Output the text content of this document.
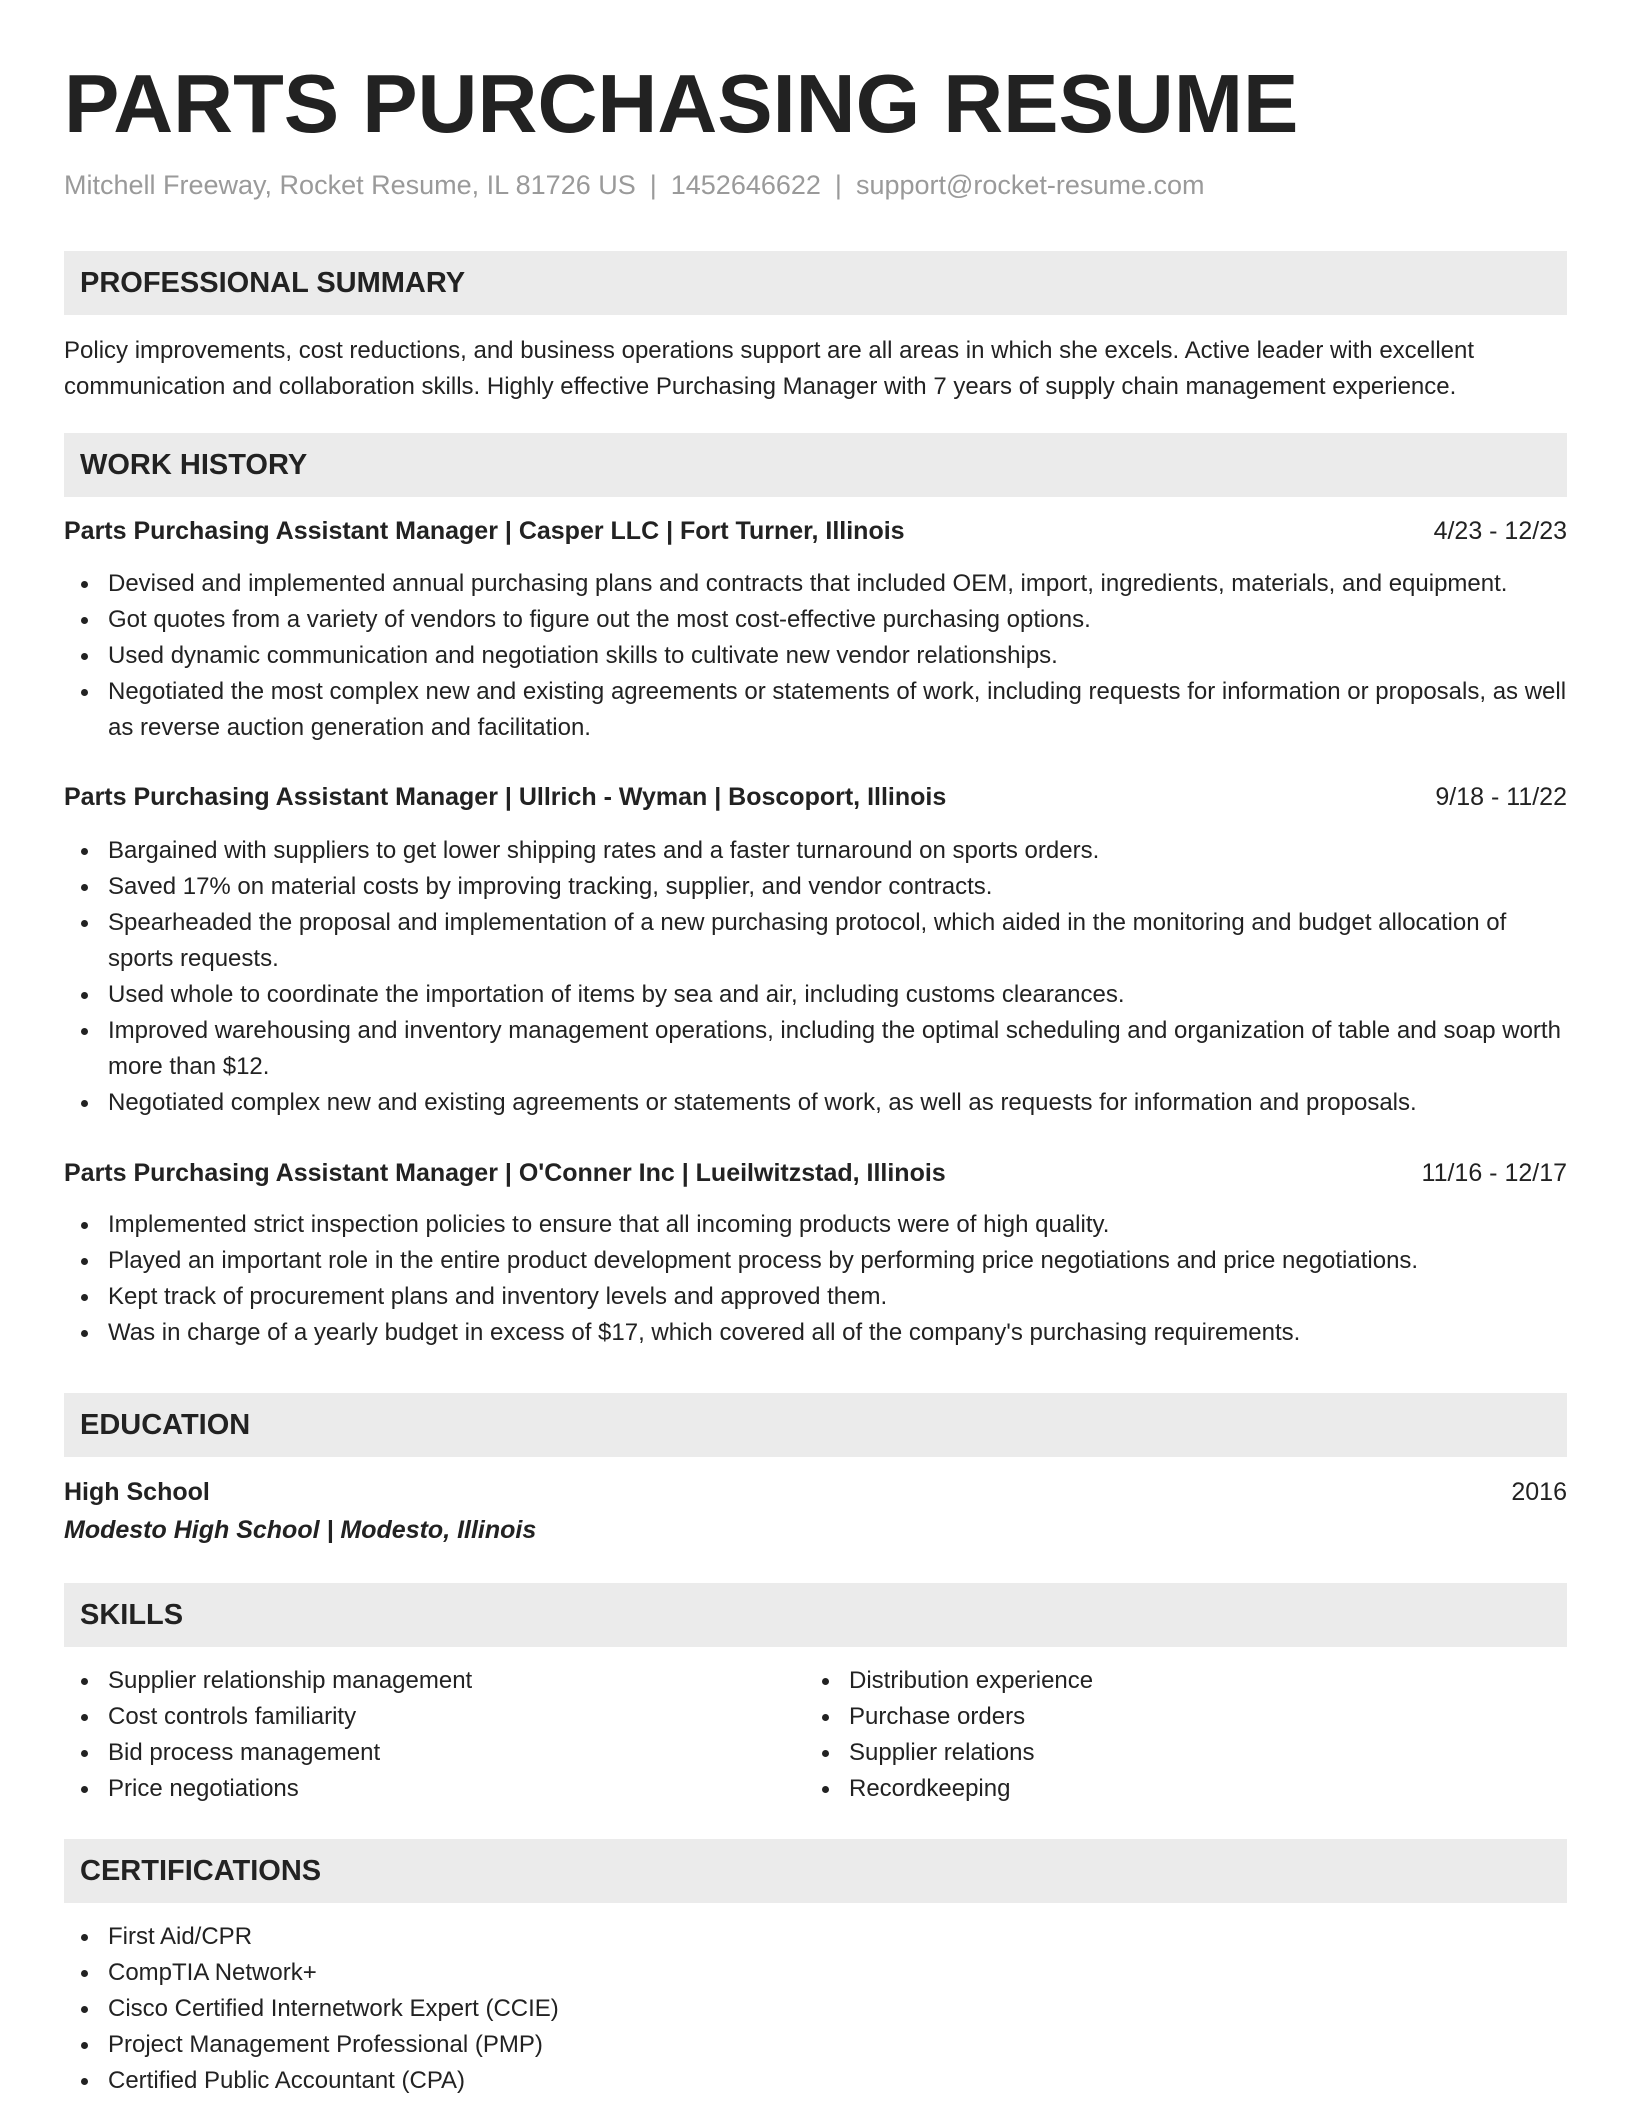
PARTS PURCHASING RESUME
Mitchell Freeway, Rocket Resume, IL 81726 US | 1452646622 | support@rocket-resume.com
PROFESSIONAL SUMMARY
Policy improvements, cost reductions, and business operations support are all areas in which she excels. Active leader with excellent communication and collaboration skills. Highly effective Purchasing Manager with 7 years of supply chain management experience.
WORK HISTORY
Parts Purchasing Assistant Manager | Casper LLC | Fort Turner, Illinois	4/23 - 12/23
Devised and implemented annual purchasing plans and contracts that included OEM, import, ingredients, materials, and equipment.
Got quotes from a variety of vendors to figure out the most cost-effective purchasing options.
Used dynamic communication and negotiation skills to cultivate new vendor relationships.
Negotiated the most complex new and existing agreements or statements of work, including requests for information or proposals, as well as reverse auction generation and facilitation.
Parts Purchasing Assistant Manager | Ullrich - Wyman | Boscoport, Illinois	9/18 - 11/22
Bargained with suppliers to get lower shipping rates and a faster turnaround on sports orders.
Saved 17% on material costs by improving tracking, supplier, and vendor contracts.
Spearheaded the proposal and implementation of a new purchasing protocol, which aided in the monitoring and budget allocation of sports requests.
Used whole to coordinate the importation of items by sea and air, including customs clearances.
Improved warehousing and inventory management operations, including the optimal scheduling and organization of table and soap worth more than $12.
Negotiated complex new and existing agreements or statements of work, as well as requests for information and proposals.
Parts Purchasing Assistant Manager | O'Conner Inc | Lueilwitzstad, Illinois	11/16 - 12/17
Implemented strict inspection policies to ensure that all incoming products were of high quality.
Played an important role in the entire product development process by performing price negotiations and price negotiations.
Kept track of procurement plans and inventory levels and approved them.
Was in charge of a yearly budget in excess of $17, which covered all of the company's purchasing requirements.
EDUCATION
High School	2016
Modesto High School | Modesto, Illinois
SKILLS
Supplier relationship management
Cost controls familiarity
Bid process management
Price negotiations
Distribution experience
Purchase orders
Supplier relations
Recordkeeping
CERTIFICATIONS
First Aid/CPR
CompTIA Network+
Cisco Certified Internetwork Expert (CCIE)
Project Management Professional (PMP)
Certified Public Accountant (CPA)
